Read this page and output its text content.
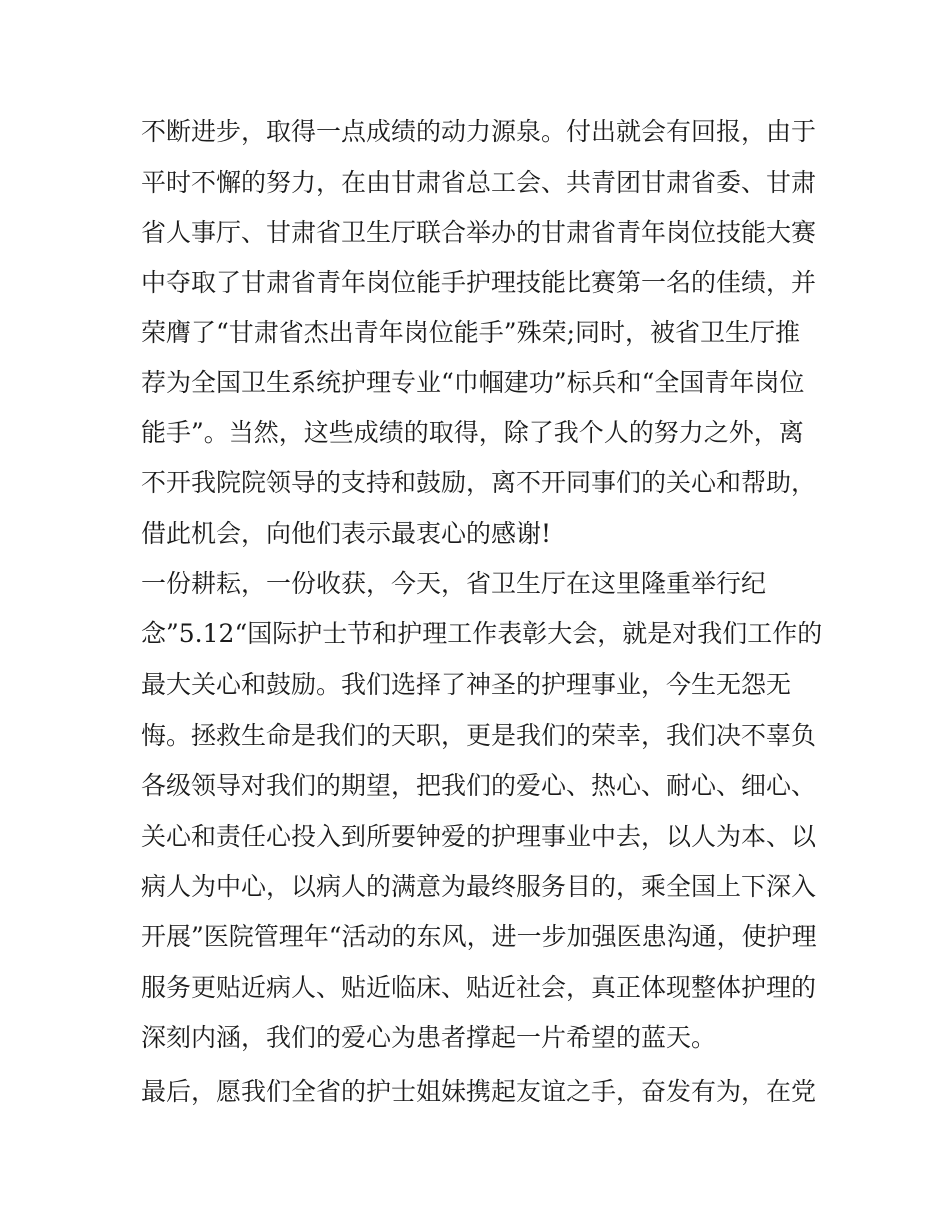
不断进步，取得一点成绩的动力源泉。付出就会有回报，由于
平时不懈的努力，在由甘肃省总工会、共青团甘肃省委、甘肃
省人事厅、甘肃省卫生厅联合举办的甘肃省青年岗位技能大赛
中夺取了甘肃省青年岗位能手护理技能比赛第一名的佳绩，并
荣膺了“甘肃省杰出青年岗位能手”殊荣;同时，被省卫生厅推
荐为全国卫生系统护理专业“巾帼建功”标兵和“全国青年岗位
能手”。当然，这些成绩的取得，除了我个人的努力之外，离
不开我院院领导的支持和鼓励，离不开同事们的关心和帮助，
借此机会，向他们表示最衷心的感谢!
一份耕耘，一份收获，今天，省卫生厅在这里隆重举行纪
念”5.12“国际护士节和护理工作表彰大会，就是对我们工作的
最大关心和鼓励。我们选择了神圣的护理事业，今生无怨无
悔。拯救生命是我们的天职，更是我们的荣幸，我们决不辜负
各级领导对我们的期望，把我们的爱心、热心、耐心、细心、
关心和责任心投入到所要钟爱的护理事业中去，以人为本、以
病人为中心，以病人的满意为最终服务目的，乘全国上下深入
开展”医院管理年“活动的东风，进一步加强医患沟通，使护理
服务更贴近病人、贴近临床、贴近社会，真正体现整体护理的
深刻内涵，我们的爱心为患者撑起一片希望的蓝天。
最后，愿我们全省的护士姐妹携起友谊之手，奋发有为，在党
